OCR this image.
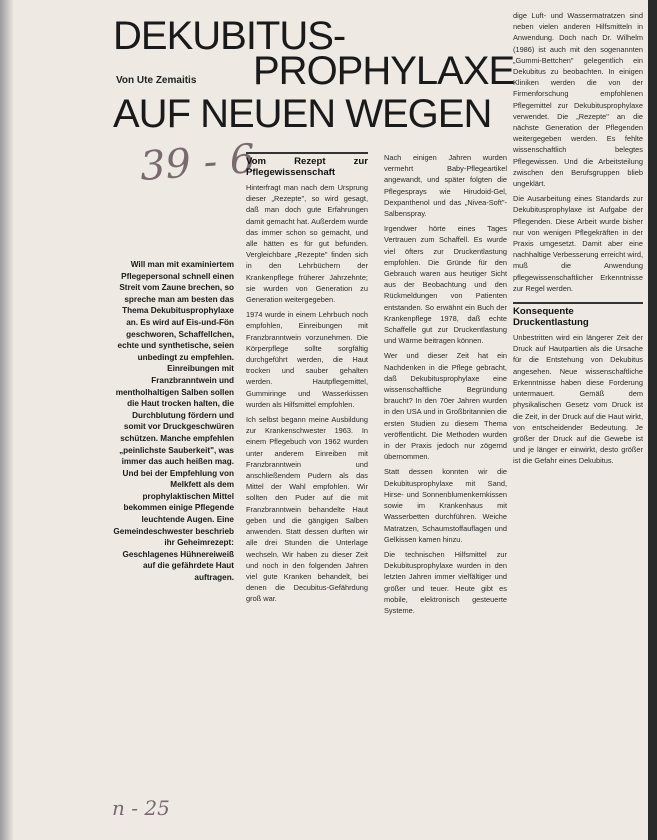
DEKUBITUS-
PROPHYLAXE
Von Ute Zemaitis
AUF NEUEN WEGEN
39 - 6
n - 25
Will man mit examiniertem Pflegepersonal schnell einen Streit vom Zaune brechen, so spreche man am besten das Thema Dekubitusprophylaxe an. Es wird auf Eis-und-Fön geschworen, Schaffellchen, echte und synthetische, seien unbedingt zu empfehlen. Einreibungen mit Franzbranntwein und mentholhaltigen Salben sollen die Haut trocken halten, die Durchblutung fördern und somit vor Druckgeschwüren schützen. Manche empfehlen „peinlichste Sauberkeit", was immer das auch heißen mag. Und bei der Empfehlung von Melkfett als dem prophylaktischen Mittel bekommen einige Pflegende leuchtende Augen. Eine Gemeindeschwester beschrieb ihr Geheimrezept: Geschlagenes Hühnereiweiß auf die gefährdete Haut auftragen.
Vom Rezept zur Pflegewissenschaft

Hinterfragt man nach dem Ursprung dieser „Rezepte", so wird gesagt, daß man doch gute Erfahrungen damit gemacht hat. Außerdem wurde das immer schon so gemacht, und alle hätten es für gut befunden. Vergleichbare „Rezepte" finden sich in den Lehrbüchern der Krankenpflege früherer Jahrzehnte; sie wurden von Generation zu Generation weitergegeben.

1974 wurde in einem Lehrbuch noch empfohlen, Einreibungen mit Franzbranntwein vorzunehmen. Die Körperpflege sollte sorgfältig durchgeführt werden, die Haut trocken und sauber gehalten werden. Hautpflegemittel, Gummiringe und Wasserkissen wurden als Hilfsmittel empfohlen.

Ich selbst begann meine Ausbildung zur Krankenschwester 1963. In einem Pflegebuch von 1962 wurden unter anderem Einreiben mit Franzbranntwein und anschließendem Pudern als das Mittel der Wahl empfohlen. Wir sollten den Puder auf die mit Franzbranntwein behandelte Haut geben und die gängigen Salben anwenden. Statt dessen durften wir alle drei Stunden die Unterlage wechseln. Wir haben zu dieser Zeit und noch in den folgenden Jahren viel gute Kranken behandelt, bei denen die Decubitus-Gefährdung groß war.

Nach einigen Jahren wurden vermehrt Baby-Pflegeartikel angewandt, und später folgten die Pflegesprays wie Hirudoid-Gel, Dexpanthenol und das „Nivea-Soft"-Salbenspray.

Irgendwer hörte eines Tages Vertrauen zum Schaffell. Es wurde viel öfters zur Druckentlastung empfohlen. Die Gründe für den Gebrauch waren aus heutiger Sicht aus der Beobachtung und den Rückmeldungen von Patienten entstanden. So erwähnt ein Buch der Krankenpflege 1978, daß echte Schaffelle gut zur Druckentlastung und Wärme beitragen können.

Wer und dieser Zeit hat ein Nachdenken in die Pflege gebracht, daß Dekubitusprophylaxe eine wissenschaftliche Begründung braucht? In den 70er Jahren wurden in den USA und in Großbritannien die ersten Studien zu diesem Thema veröffentlicht. Die Methoden wurden in der Praxis jedoch nur zögernd übernommen.

Statt dessen konnten wir die Dekubitusprophylaxe mit Sand, Hirse- und Sonnenblumenkernkissen sowie im Krankenhaus mit Wasserbetten durchführen. Weiche Matratzen, Schaumstoffauflagen und Gelkissen kamen hinzu.

Die technischen Hilfsmittel zur Dekubitusprophylaxe wurden in den letzten Jahren immer vielfältiger und größer und teuer. Heute gibt es mobile, elektronisch gesteuerte Systeme.

dige Luft- und Wassermatratzen sind neben vielen anderen Hilfsmitteln in Anwendung. Doch nach Dr. Wilhelm (1986) ist auch mit den sogenannten „Gummi-Bettchen" gelegentlich ein Dekubitus zu beobachten. In einigen Kliniken werden die von der Firmenforschung empfohlenen Pflegemittel zur Dekubitusprophylaxe verwendet. Die „Rezepte" an die nächste Generation der Pflegenden weitergegeben werden. Es fehlte wissenschaftlich belegtes Pflegewissen. Und die Arbeitsteilung zwischen den Berufsgruppen blieb ungeklärt.

Die Ausarbeitung eines Standards zur Dekubitusprophylaxe ist Aufgabe der Pflegenden. Diese Arbeit wurde bisher nur von wenigen Pflegekräften in der Praxis umgesetzt. Damit aber eine nachhaltige Verbesserung erreicht wird, muß die Anwendung pflegewissenschaftlicher Erkenntnisse zur Regel werden.

Konsequente Druckentlastung

Unbestritten wird ein längerer Zeit der Druck auf Hautpartien als die Ursache für die Entstehung von Dekubitus angesehen. Neue wissenschaftliche Erkenntnisse haben diese Forderung untermauert. Gemäß dem physikalischen Gesetz vom Druck ist die Zeit, in der Druck auf die Haut wirkt, von entscheidender Bedeutung. Je größer der Druck auf die Gewebe ist und je länger er einwirkt, desto größer ist die Gefahr eines Dekubitus.
